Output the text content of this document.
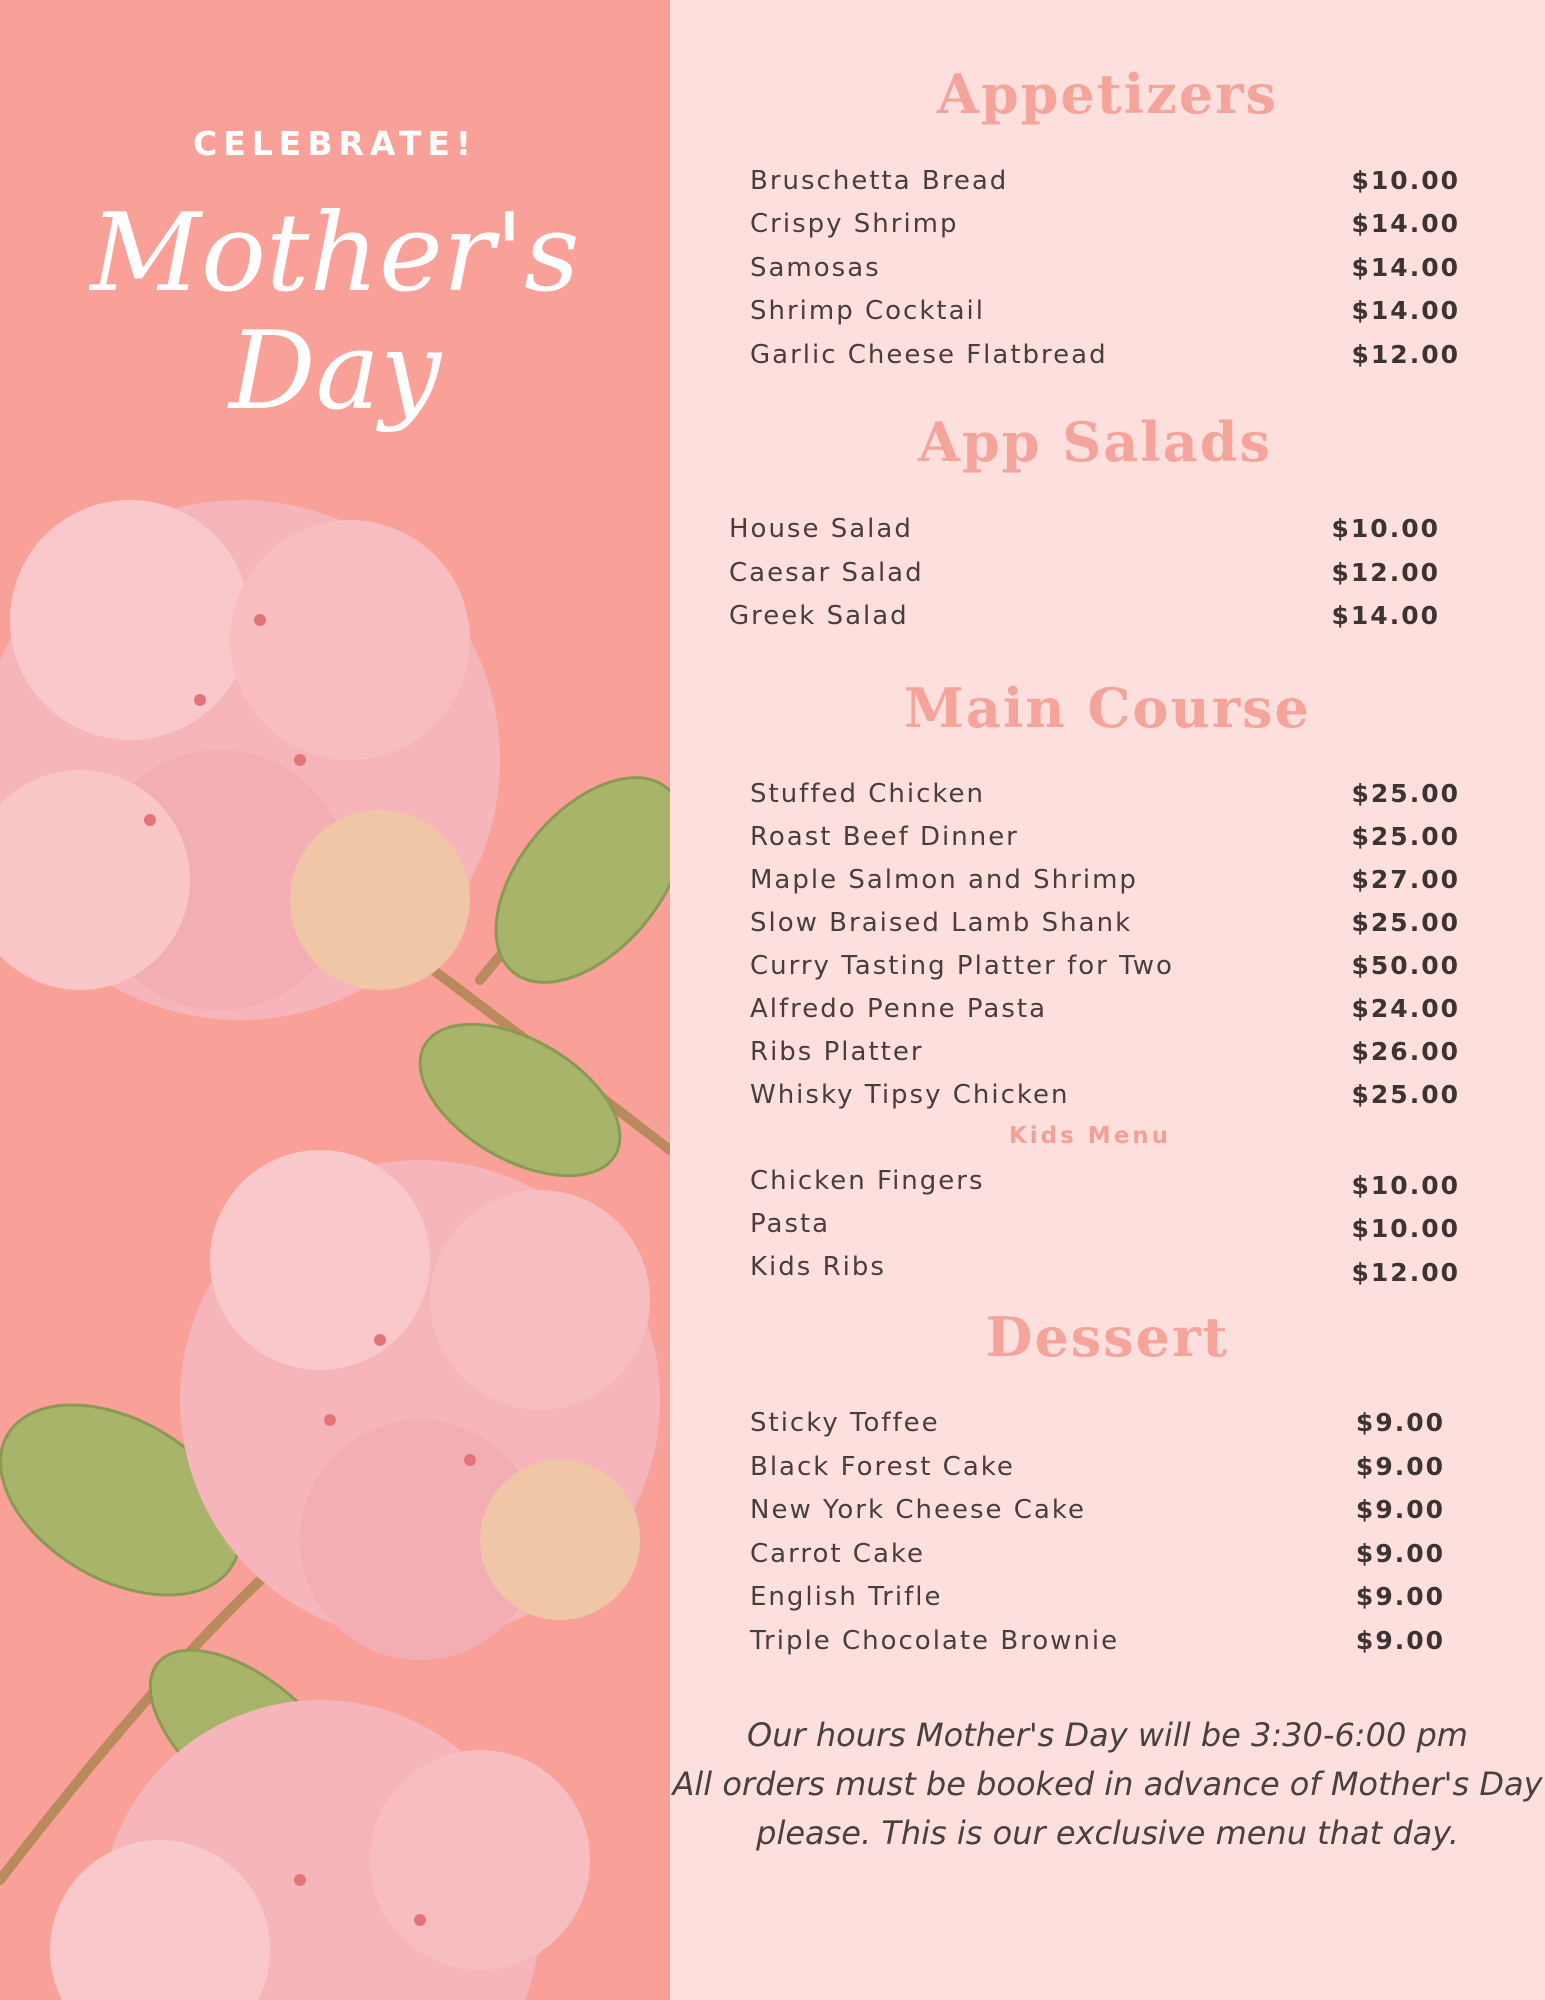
CELEBRATE!
Mother's
Day
Appetizers
Bruschetta Bread	$10.00
Crispy Shrimp	$14.00
Samosas	$14.00
Shrimp Cocktail	$14.00
Garlic Cheese Flatbread	$12.00
App Salads
House Salad	$10.00
Caesar Salad	$12.00
Greek Salad	$14.00
Main Course
Stuffed Chicken	$25.00
Roast Beef Dinner	$25.00
Maple Salmon and Shrimp	$27.00
Slow Braised Lamb Shank	$25.00
Curry Tasting Platter for Two	$50.00
Alfredo Penne Pasta	$24.00
Ribs Platter	$26.00
Whisky Tipsy Chicken	$25.00
Kids Menu
Chicken Fingers	$10.00
Pasta	$10.00
Kids Ribs	$12.00
Dessert
Sticky Toffee	$9.00
Black Forest Cake	$9.00
New York Cheese Cake	$9.00
Carrot Cake	$9.00
English Trifle	$9.00
Triple Chocolate Brownie	$9.00
Our hours Mother's Day will be 3:30-6:00 pm
All orders must be booked in advance of Mother's Day
please. This is our exclusive menu that day.
